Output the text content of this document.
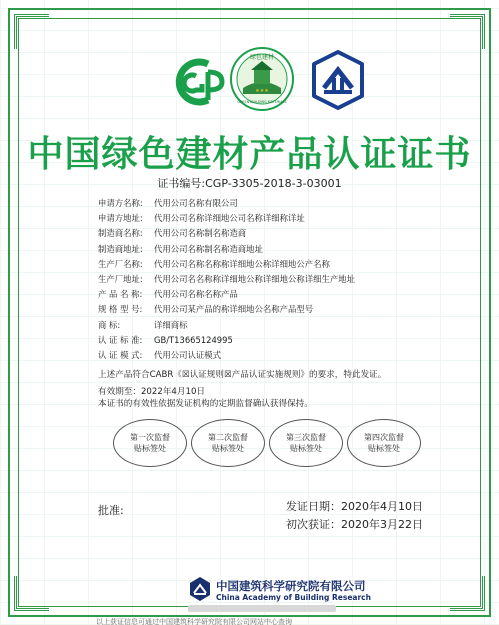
绿色建材
GREEN BUILDING MATERIALS
★★★
中国绿色建材产品认证证书
证书编号:CGP-3305-2018-3-03001
申请方名称: 代用公司名称有限公司
申请方地址: 代用公司名称详细地公司名称详细称详址
制造商名称: 代用公司名称制名称造商
制造商地址: 代用公司名称制名称造商地址
生产厂名称: 代用公司名称名称称详细地公称详细地公产名称
生产厂地址: 代用公司名名称称详细地公称详细地公称详细生产地址
产 品 名 称: 代用公司名称名称产品
规 格 型 号: 代用公司某产品的称详细地公名称产品型号
商 标:	详细商标
认 证 标 准: GB/T13665124995
认 证 模 式: 代用公司认证模式
上述产品符合CABR《☒认证规则☒产品认证实施规则》的要求，特此发证。
有效期至：2022年4月10日
本证书的有效性依据发证机构的定期监督确认获得保持。
第一次监督
贴标签处
第二次监督
贴标签处
第三次监督
贴标签处
第四次监督
贴标签处
批准:	发证日期：2020年4月10日
初次获证：2020年3月22日
中国建筑科学研究院有限公司
China Academy of Building Research
以上获证信息可通过中国建筑科学研究院有限公司网站中心查询
